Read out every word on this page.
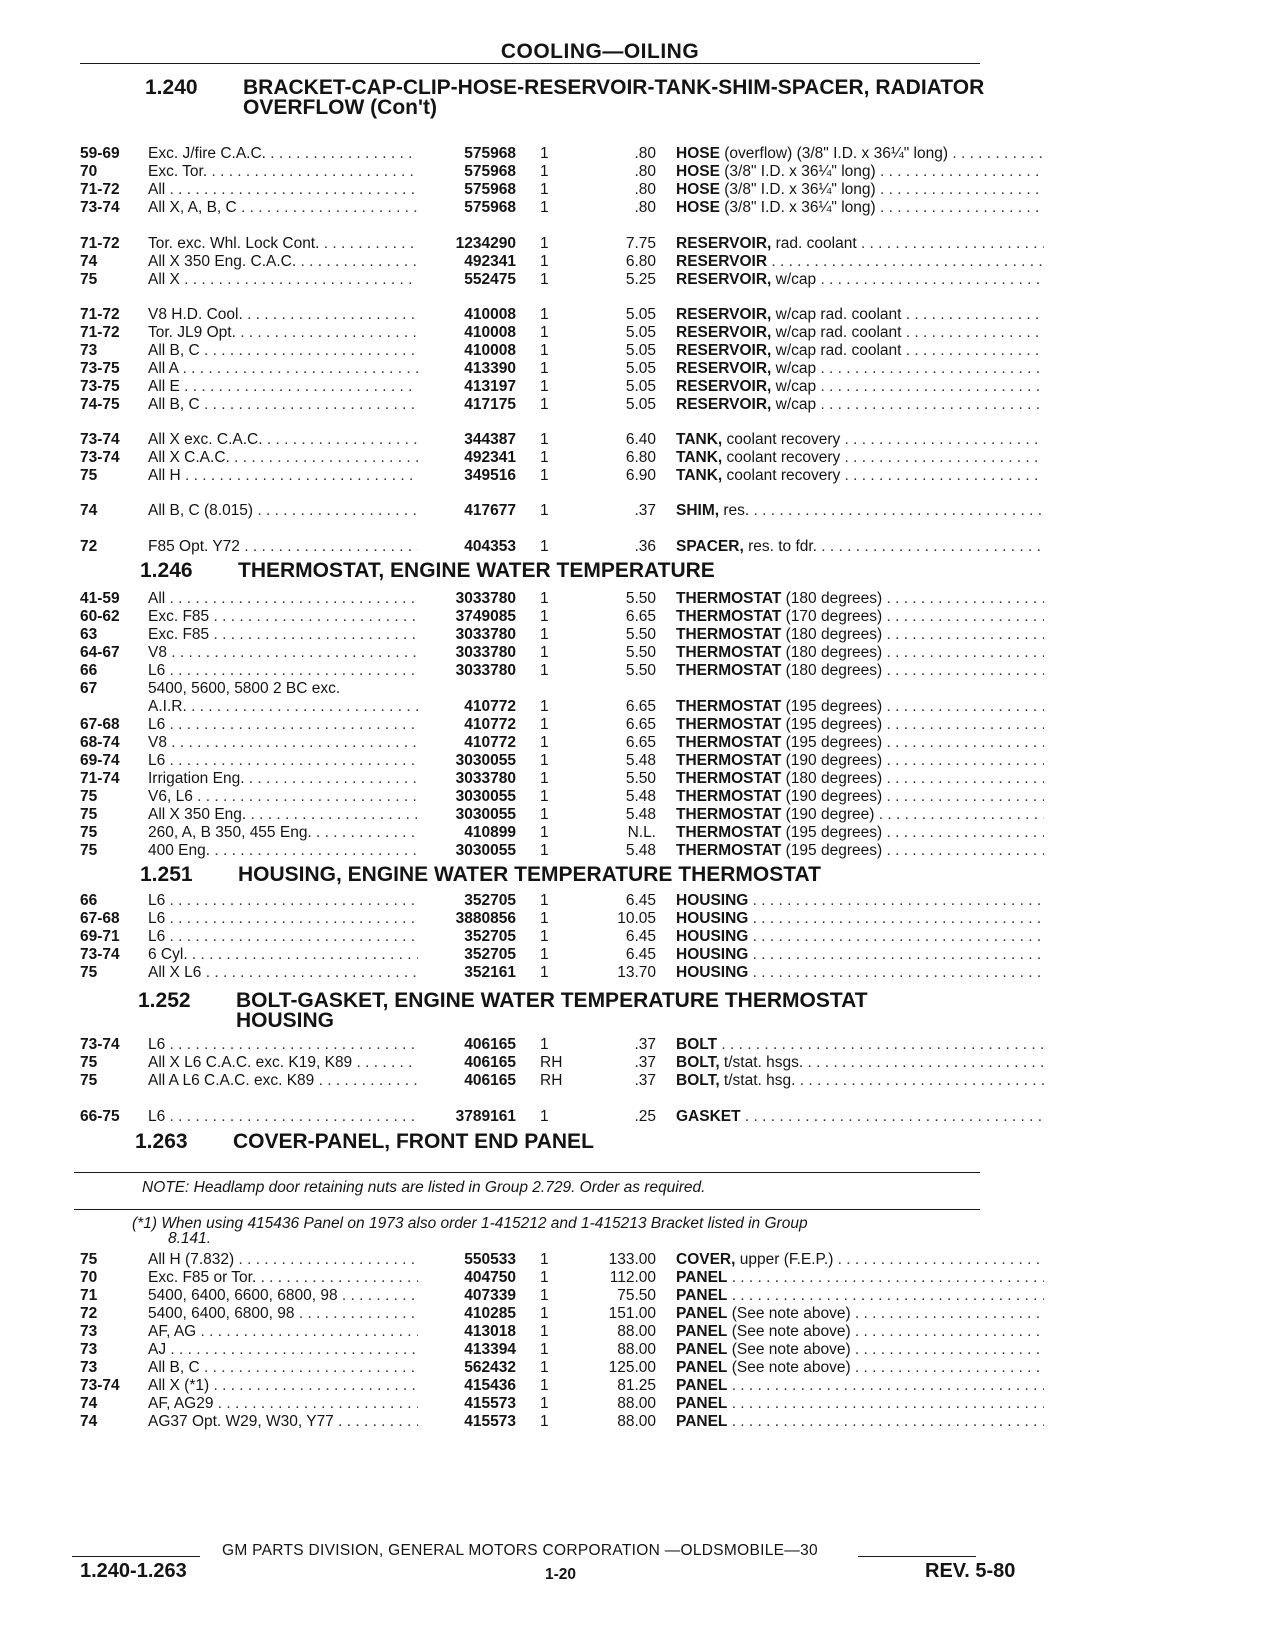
COOLING—OILING
1.240 BRACKET-CAP-CLIP-HOSE-RESERVOIR-TANK-SHIM-SPACER, RADIATOR
OVERFLOW (Con't)
1.246 THERMOSTAT, ENGINE WATER TEMPERATURE
1.251 HOUSING, ENGINE WATER TEMPERATURE THERMOSTAT
1.252 BOLT-GASKET, ENGINE WATER TEMPERATURE THERMOSTAT
HOUSING
1.263 COVER-PANEL, FRONT END PANEL
NOTE: Headlamp door retaining nuts are listed in Group 2.729. Order as required.
(*1) When using 415436 Panel on 1973 also order 1-415212 and 1-415213 Bracket listed in Group
8.141.
59-69 Exc. J/fire C.A.C. . . .	575968 1	.80 HOSE (overflow) (3/8" I.D. x 36¼" long) . . .
70	Exc. Tor. . . .	575968 1	.80 HOSE (3/8" I.D. x 36¼" long) . . .
71-72 All . . .	575968 1	.80 HOSE (3/8" I.D. x 36¼" long) . . .
73-74 All X, A, B, C . . .	575968 1	.80 HOSE (3/8" I.D. x 36¼" long) . . .
71-72 Tor. exc. Whl. Lock Cont. . . .	1234290 1	7.75 RESERVOIR, rad. coolant . . .
74	All X 350 Eng. C.A.C. . . .	492341 1	6.80 RESERVOIR . . .
75	All X . . .	552475 1	5.25 RESERVOIR, w/cap . . .
71-72 V8 H.D. Cool. . . .	410008 1	5.05 RESERVOIR, w/cap rad. coolant . . .
71-72 Tor. JL9 Opt. . . .	410008 1	5.05 RESERVOIR, w/cap rad. coolant . . .
73	All B, C . . .	410008 1	5.05 RESERVOIR, w/cap rad. coolant . . .
73-75 All A . . .	413390 1	5.05 RESERVOIR, w/cap . . .
73-75 All E . . .	413197 1	5.05 RESERVOIR, w/cap . . .
74-75 All B, C . . .	417175 1	5.05 RESERVOIR, w/cap . . .
73-74 All X exc. C.A.C. . . .	344387 1	6.40 TANK, coolant recovery . . .
73-74 All X C.A.C. . . .	492341 1	6.80 TANK, coolant recovery . . .
75	All H . . .	349516 1	6.90 TANK, coolant recovery . . .
74	All B, C (8.015) . . .	417677 1	.37 SHIM, res. . . .
72	F85 Opt. Y72 . . .	404353 1	.36 SPACER, res. to fdr. . . .
41-59 All . . .	3033780 1	5.50 THERMOSTAT (180 degrees) . . .
60-62 Exc. F85 . . .	3749085 1	6.65 THERMOSTAT (170 degrees) . . .
63	Exc. F85 . . .	3033780 1	5.50 THERMOSTAT (180 degrees) . . .
64-67 V8 . . .	3033780 1	5.50 THERMOSTAT (180 degrees) . . .
66	L6 . . .	3033780 1	5.50 THERMOSTAT (180 degrees) . . .
67	5400, 5600, 5800 2 BC exc.
A.I.R. . . .	410772 1	6.65 THERMOSTAT (195 degrees) . . .
67-68 L6 . . .	410772 1	6.65 THERMOSTAT (195 degrees) . . .
68-74 V8 . . .	410772 1	6.65 THERMOSTAT (195 degrees) . . .
69-74 L6 . . .	3030055 1	5.48 THERMOSTAT (190 degrees) . . .
71-74 Irrigation Eng. . . .	3033780 1	5.50 THERMOSTAT (180 degrees) . . .
75	V6, L6 . . .	3030055 1	5.48 THERMOSTAT (190 degrees) . . .
75	All X 350 Eng. . . .	3030055 1	5.48 THERMOSTAT (190 degree) . . .
75	260, A, B 350, 455 Eng. . . .	410899 1	N.L. THERMOSTAT (195 degrees) . . .
75	400 Eng. . . .	3030055 1	5.48 THERMOSTAT (195 degrees) . . .
66	L6 . . .	352705 1	6.45 HOUSING . . .
67-68 L6 . . .	3880856 1	10.05 HOUSING . . .
69-71 L6 . . .	352705 1	6.45 HOUSING . . .
73-74 6 Cyl. . . .	352705 1	6.45 HOUSING . . .
75	All X L6 . . .	352161 1	13.70 HOUSING . . .
73-74 L6 . . .	406165 1	.37 BOLT . . .
75	All X L6 C.A.C. exc. K19, K89 . . .	406165 RH	.37 BOLT, t/stat. hsgs. . . .
75	All A L6 C.A.C. exc. K89 . . .	406165 RH	.37 BOLT, t/stat. hsg. . . .
66-75 L6 . . .	3789161 1	.25 GASKET . . .
75	All H (7.832) . . .	550533 1	133.00 COVER, upper (F.E.P.) . . .
70	Exc. F85 or Tor. . . .	404750 1	112.00 PANEL . . .
71	5400, 6400, 6600, 6800, 98 . . .	407339 1	75.50 PANEL . . .
72	5400, 6400, 6800, 98 . . .	410285 1	151.00 PANEL (See note above) . . .
73	AF, AG . . .	413018 1	88.00 PANEL (See note above) . . .
73	AJ . . .	413394 1	88.00 PANEL (See note above) . . .
73	All B, C . . .	562432 1	125.00 PANEL (See note above) . . .
73-74 All X (*1) . . .	415436 1	81.25 PANEL . . .
74	AF, AG29 . . .	415573 1	88.00 PANEL . . .
74	AG37 Opt. W29, W30, Y77 . . .	415573 1	88.00 PANEL . . .
GM PARTS DIVISION, GENERAL MOTORS CORPORATION —OLDSMOBILE—30
1.240-1.263	1-20	REV. 5-80
